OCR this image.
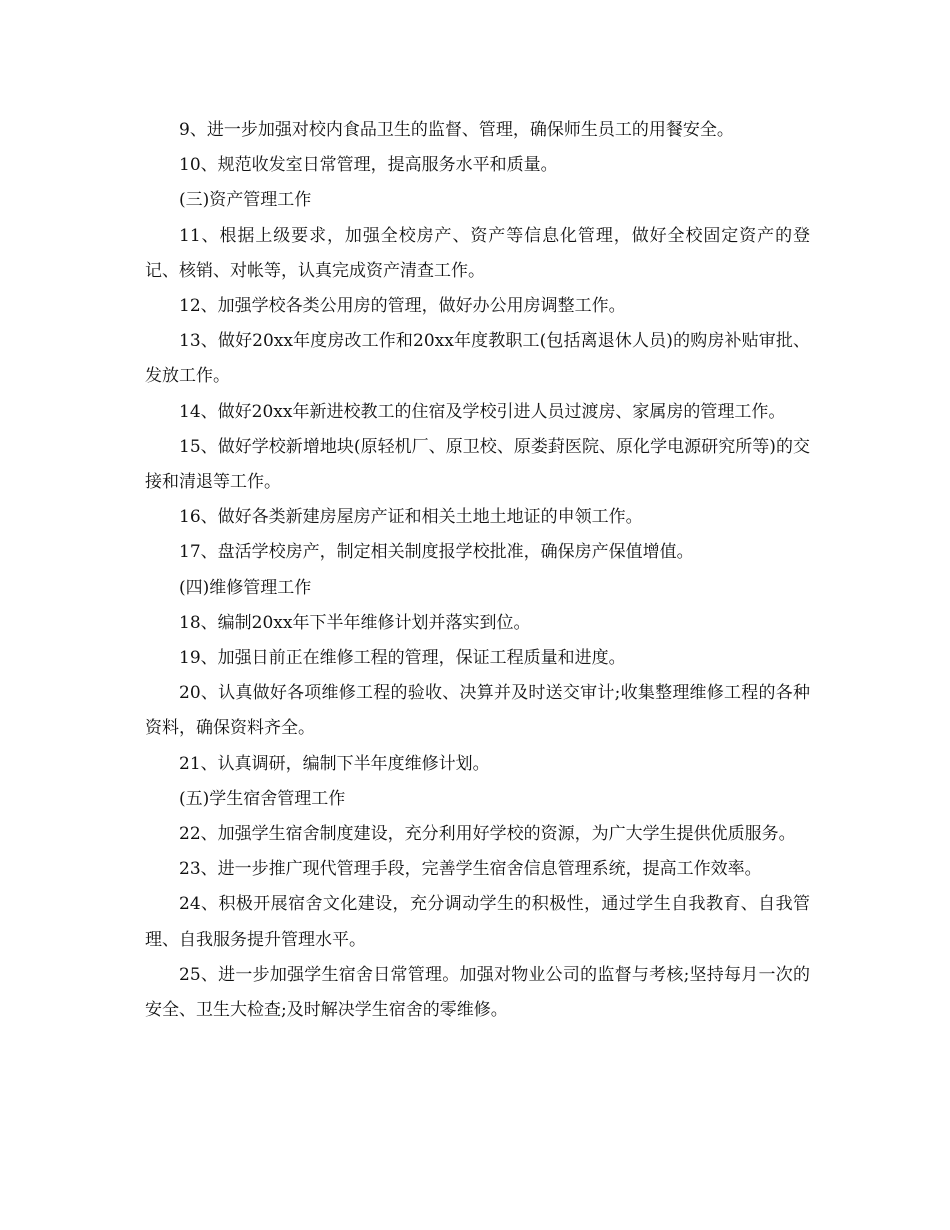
9、进一步加强对校内食品卫生的监督、管理，确保师生员工的用餐安全。

10、规范收发室日常管理，提高服务水平和质量。

(三)资产管理工作

11、根据上级要求，加强全校房产、资产等信息化管理，做好全校固定资产的登记、核销、对帐等，认真完成资产清查工作。

12、加强学校各类公用房的管理，做好办公用房调整工作。

13、做好20xx年度房改工作和20xx年度教职工(包括离退休人员)的购房补贴审批、发放工作。

14、做好20xx年新进校教工的住宿及学校引进人员过渡房、家属房的管理工作。

15、做好学校新增地块(原轻机厂、原卫校、原娄葑医院、原化学电源研究所等)的交接和清退等工作。

16、做好各类新建房屋房产证和相关土地土地证的申领工作。

17、盘活学校房产，制定相关制度报学校批准，确保房产保值增值。

(四)维修管理工作

18、编制20xx年下半年维修计划并落实到位。

19、加强日前正在维修工程的管理，保证工程质量和进度。

20、认真做好各项维修工程的验收、决算并及时送交审计;收集整理维修工程的各种资料，确保资料齐全。

21、认真调研，编制下半年度维修计划。

(五)学生宿舍管理工作

22、加强学生宿舍制度建设，充分利用好学校的资源，为广大学生提供优质服务。

23、进一步推广现代管理手段，完善学生宿舍信息管理系统，提高工作效率。

24、积极开展宿舍文化建设，充分调动学生的积极性，通过学生自我教育、自我管理、自我服务提升管理水平。

25、进一步加强学生宿舍日常管理。加强对物业公司的监督与考核;坚持每月一次的安全、卫生大检查;及时解决学生宿舍的零维修。
